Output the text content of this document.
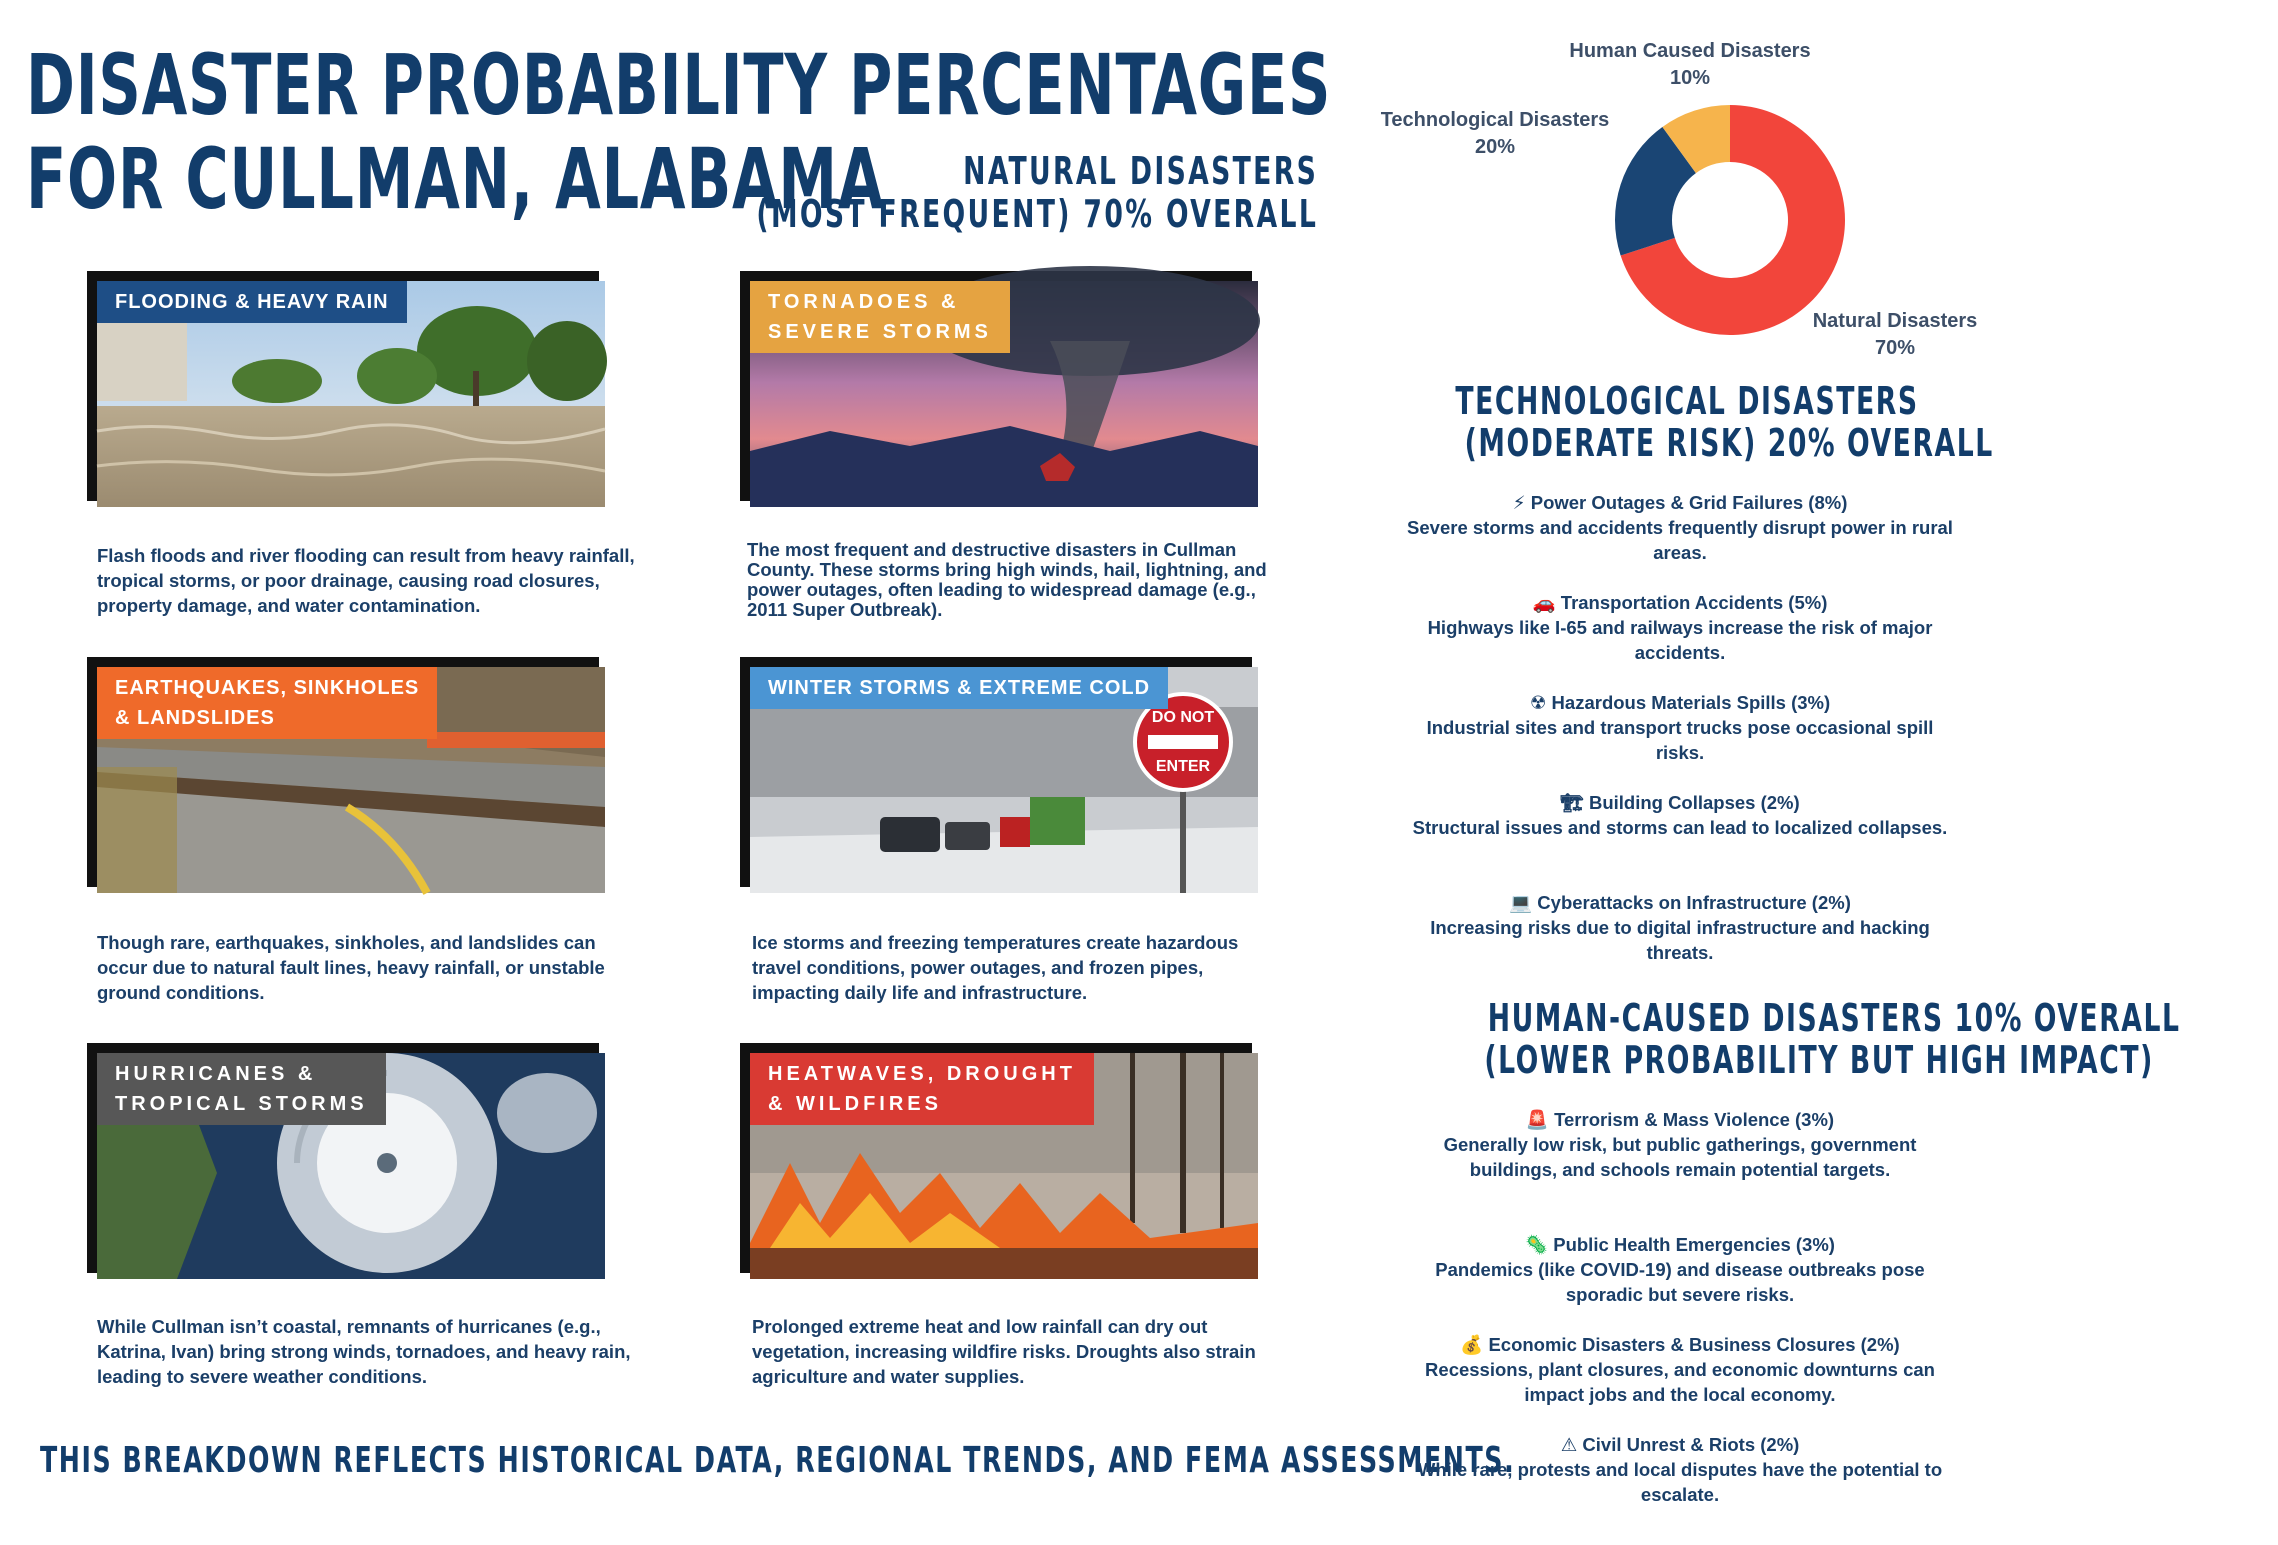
DISASTER PROBABILITY PERCENTAGES
FOR CULLMAN, ALABAMA	NATURAL DISASTERS
(MOST FREQUENT) 70% OVERALL
FLOODING & HEAVY RAIN
Flash floods and river flooding can result from heavy rainfall, tropical storms, or poor drainage, causing road closures, property damage, and water contamination.
TORNADOES &
SEVERE STORMS
The most frequent and destructive disasters in Cullman County. These storms bring high winds, hail, lightning, and power outages, often leading to widespread damage (e.g., 2011 Super Outbreak).
EARTHQUAKES, SINKHOLES
& LANDSLIDES
Though rare, earthquakes, sinkholes, and landslides can occur due to natural fault lines, heavy rainfall, or unstable ground conditions.
DO NOT
ENTER
WINTER STORMS & EXTREME COLD
Ice storms and freezing temperatures create hazardous travel conditions, power outages, and frozen pipes, impacting daily life and infrastructure.
HURRICANES &
TROPICAL STORMS
While Cullman isn’t coastal, remnants of hurricanes (e.g., Katrina, Ivan) bring strong winds, tornadoes, and heavy rain, leading to severe weather conditions.
HEATWAVES, DROUGHT
& WILDFIRES
Prolonged extreme heat and low rainfall can dry out vegetation, increasing wildfire risks. Droughts also strain agriculture and water supplies.
THIS BREAKDOWN REFLECTS HISTORICAL DATA, REGIONAL TRENDS, AND FEMA ASSESSMENTS.
Human Caused Disasters
10%
Technological Disasters
20%
Natural Disasters
70%
TECHNOLOGICAL DISASTERS
(MODERATE RISK) 20% OVERALL
⚡ Power Outages & Grid Failures (8%)
Severe storms and accidents frequently disrupt power in rural areas.
🚗 Transportation Accidents (5%)
Highways like I-65 and railways increase the risk of major accidents.
☢ Hazardous Materials Spills (3%)
Industrial sites and transport trucks pose occasional spill risks.
🏗 Building Collapses (2%)
Structural issues and storms can lead to localized collapses.
💻 Cyberattacks on Infrastructure (2%)
Increasing risks due to digital infrastructure and hacking threats.
HUMAN-CAUSED DISASTERS 10% OVERALL
(LOWER PROBABILITY BUT HIGH IMPACT)
🚨 Terrorism & Mass Violence (3%)
Generally low risk, but public gatherings, government buildings, and schools remain potential targets.
🦠 Public Health Emergencies (3%)
Pandemics (like COVID-19) and disease outbreaks pose sporadic but severe risks.
💰 Economic Disasters & Business Closures (2%)
Recessions, plant closures, and economic downturns can impact jobs and the local economy.
⚠ Civil Unrest & Riots (2%)
While rare, protests and local disputes have the potential to escalate.
